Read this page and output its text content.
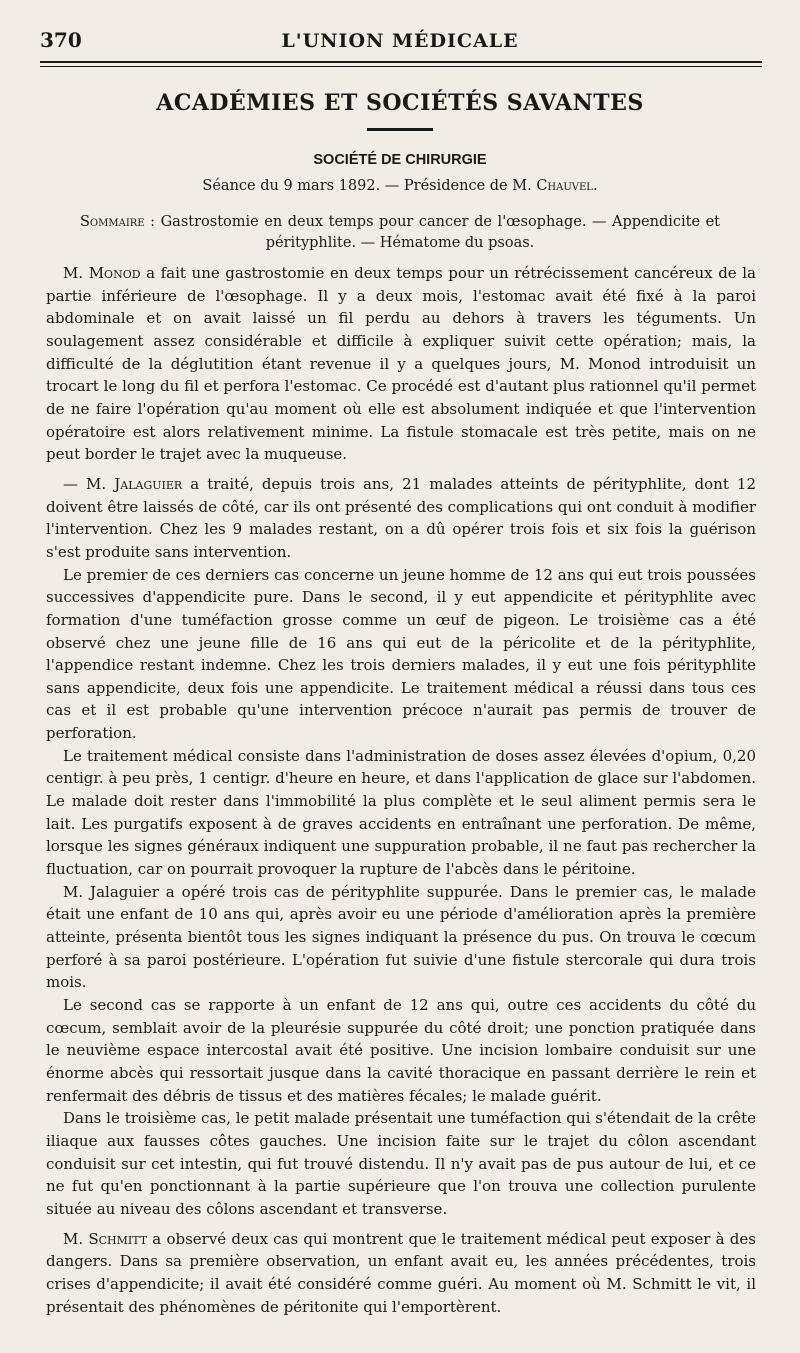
370	L'UNION MÉDICALE
ACADÉMIES ET SOCIÉTÉS SAVANTES
SOCIÉTÉ DE CHIRURGIE
Séance du 9 mars 1892. — Présidence de M. Chauvel.
Sommaire : Gastrostomie en deux temps pour cancer de l'œsophage. — Appendicite et pérityphlite. — Hématome du psoas.

M. Monod a fait une gastrostomie en deux temps pour un rétrécissement cancéreux de la partie inférieure de l'œsophage. Il y a deux mois, l'estomac avait été fixé à la paroi abdominale et on avait laissé un fil perdu au dehors à travers les téguments. Un soulagement assez considérable et difficile à expliquer suivit cette opération; mais, la difficulté de la déglutition étant revenue il y a quelques jours, M. Monod introduisit un trocart le long du fil et perfora l'estomac. Ce procédé est d'autant plus rationnel qu'il permet de ne faire l'opération qu'au moment où elle est absolument indiquée et que l'intervention opératoire est alors relativement minime. La fistule stomacale est très petite, mais on ne peut border le trajet avec la muqueuse.

— M. Jalaguier a traité, depuis trois ans, 21 malades atteints de pérityphlite, dont 12 doivent être laissés de côté, car ils ont présenté des complications qui ont conduit à modifier l'intervention. Chez les 9 malades restant, on a dû opérer trois fois et six fois la guérison s'est produite sans intervention.

Le premier de ces derniers cas concerne un jeune homme de 12 ans qui eut trois poussées successives d'appendicite pure. Dans le second, il y eut appendicite et pérityphlite avec formation d'une tuméfaction grosse comme un œuf de pigeon. Le troisième cas a été observé chez une jeune fille de 16 ans qui eut de la péricolite et de la pérityphlite, l'appendice restant indemne. Chez les trois derniers malades, il y eut une fois pérityphlite sans appendicite, deux fois une appendicite. Le traitement médical a réussi dans tous ces cas et il est probable qu'une intervention précoce n'aurait pas permis de trouver de perforation.

Le traitement médical consiste dans l'administration de doses assez élevées d'opium, 0,20 centigr. à peu près, 1 centigr. d'heure en heure, et dans l'application de glace sur l'abdomen. Le malade doit rester dans l'immobilité la plus complète et le seul aliment permis sera le lait. Les purgatifs exposent à de graves accidents en entraînant une perforation. De même, lorsque les signes généraux indiquent une suppuration probable, il ne faut pas rechercher la fluctuation, car on pourrait provoquer la rupture de l'abcès dans le péritoine.

M. Jalaguier a opéré trois cas de pérityphlite suppurée. Dans le premier cas, le malade était une enfant de 10 ans qui, après avoir eu une période d'amélioration après la première atteinte, présenta bientôt tous les signes indiquant la présence du pus. On trouva le cœcum perforé à sa paroi postérieure. L'opération fut suivie d'une fistule stercorale qui dura trois mois.

Le second cas se rapporte à un enfant de 12 ans qui, outre ces accidents du côté du cœcum, semblait avoir de la pleurésie suppurée du côté droit; une ponction pratiquée dans le neuvième espace intercostal avait été positive. Une incision lombaire conduisit sur une énorme abcès qui ressortait jusque dans la cavité thoracique en passant derrière le rein et renfermait des débris de tissus et des matières fécales; le malade guérit.

Dans le troisième cas, le petit malade présentait une tuméfaction qui s'étendait de la crête iliaque aux fausses côtes gauches. Une incision faite sur le trajet du côlon ascendant conduisit sur cet intestin, qui fut trouvé distendu. Il n'y avait pas de pus autour de lui, et ce ne fut qu'en ponctionnant à la partie supérieure que l'on trouva une collection purulente située au niveau des côlons ascendant et transverse.

M. Schmitt a observé deux cas qui montrent que le traitement médical peut exposer à des dangers. Dans sa première observation, un enfant avait eu, les années précédentes, trois crises d'appendicite; il avait été considéré comme guéri. Au moment où M. Schmitt le vit, il présentait des phénomènes de péritonite qui l'emportèrent.
